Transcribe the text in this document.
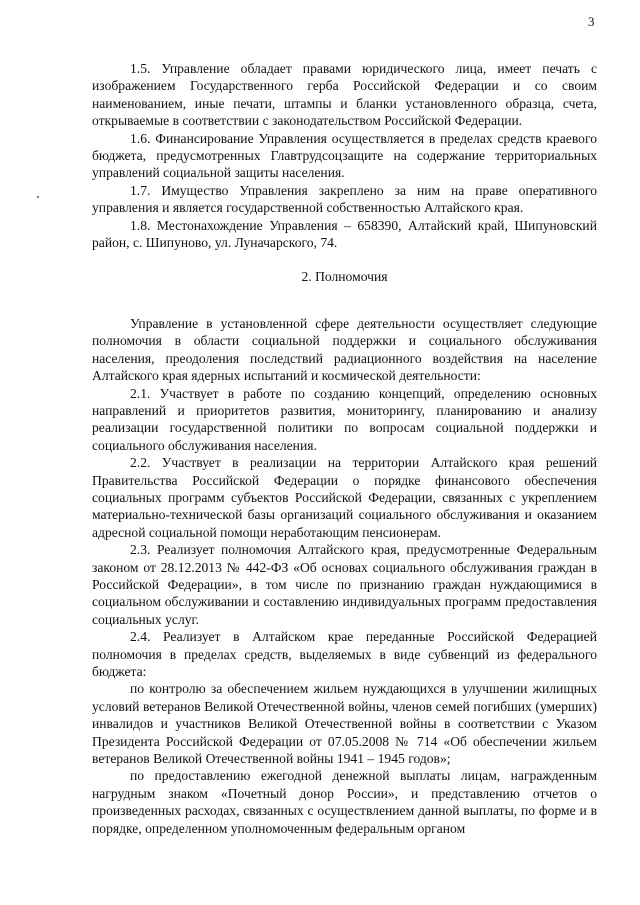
3

1.5. Управление обладает правами юридического лица, имеет печать с изображением Государственного герба Российской Федерации и со своим наименованием, иные печати, штампы и бланки установленного образца, счета, открываемые в соответствии с законодательством Российской Федерации.

1.6. Финансирование Управления осуществляется в пределах средств краевого бюджета, предусмотренных Главтрудсоцзащите на содержание территориальных управлений социальной защиты населения.

1.7. Имущество Управления закреплено за ним на праве оперативного управления и является государственной собственностью Алтайского края.

1.8. Местонахождение Управления – 658390, Алтайский край, Шипуновский район, с. Шипуново, ул. Луначарского, 74.

2. Полномочия

Управление в установленной сфере деятельности осуществляет следующие полномочия в области социальной поддержки и социального обслуживания населения, преодоления последствий радиационного воздействия на население Алтайского края ядерных испытаний и космической деятельности:

2.1. Участвует в работе по созданию концепций, определению основных направлений и приоритетов развития, мониторингу, планированию и анализу реализации государственной политики по вопросам социальной поддержки и социального обслуживания населения.

2.2. Участвует в реализации на территории Алтайского края решений Правительства Российской Федерации о порядке финансового обеспечения социальных программ субъектов Российской Федерации, связанных с укреплением материально-технической базы организаций социального обслуживания и оказанием адресной социальной помощи неработающим пенсионерам.

2.3. Реализует полномочия Алтайского края, предусмотренные Федеральным законом от 28.12.2013 № 442-ФЗ «Об основах социального обслуживания граждан в Российской Федерации», в том числе по признанию граждан нуждающимися в социальном обслуживании и составлению индивидуальных программ предоставления социальных услуг.

2.4. Реализует в Алтайском крае переданные Российской Федерацией полномочия в пределах средств, выделяемых в виде субвенций из федерального бюджета:

по контролю за обеспечением жильем нуждающихся в улучшении жилищных условий ветеранов Великой Отечественной войны, членов семей погибших (умерших) инвалидов и участников Великой Отечественной войны в соответствии с Указом Президента Российской Федерации от 07.05.2008 № 714 «Об обеспечении жильем ветеранов Великой Отечественной войны 1941 – 1945 годов»;

по предоставлению ежегодной денежной выплаты лицам, награжденным нагрудным знаком «Почетный донор России», и представлению отчетов о произведенных расходах, связанных с осуществлением данной выплаты, по форме и в порядке, определенном уполномоченным федеральным органом
